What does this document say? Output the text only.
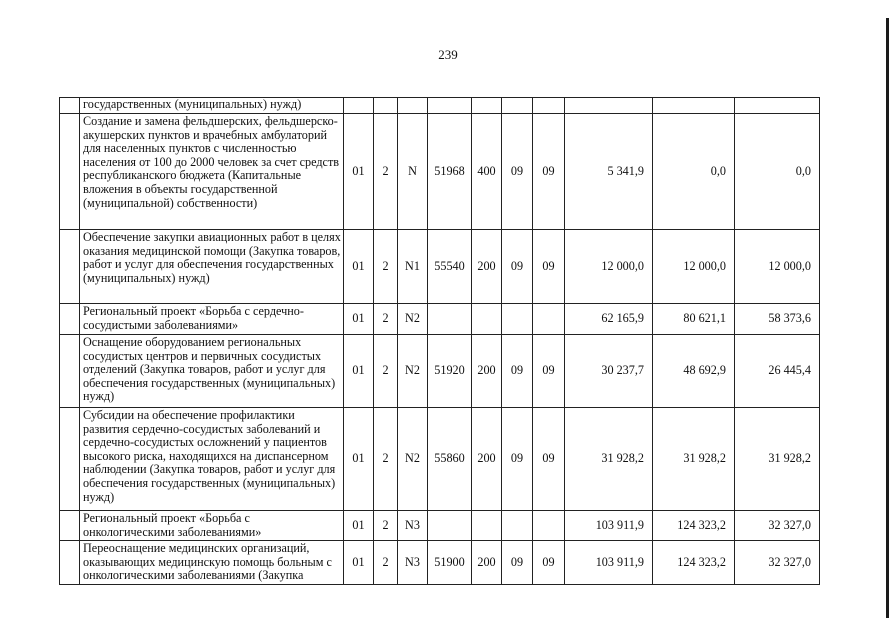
239
	государственных (муниципальных) нужд)										
	Создание и замена фельдшерских, фельдшерско-акушерских пунктов и врачебных амбулаторий для населенных пунктов с численностью населения от 100 до 2000 человек за счет средств республиканского бюджета (Капитальные вложения в объекты государственной (муниципальной) собственности)	01	2	N	51968	400	09	09	5 341,9	0,0	0,0
	Обеспечение закупки авиационных работ в целях оказания медицинской помощи (Закупка товаров, работ и услуг для обеспечения государственных (муниципальных) нужд)	01	2	N1	55540	200	09	09	12 000,0	12 000,0	12 000,0
	Региональный проект «Борьба с сердечно-сосудистыми заболеваниями»	01	2	N2					62 165,9	80 621,1	58 373,6
	Оснащение оборудованием региональных сосудистых центров и первичных сосудистых отделений (Закупка товаров, работ и услуг для обеспечения государственных (муниципальных) нужд)	01	2	N2	51920	200	09	09	30 237,7	48 692,9	26 445,4
	Субсидии на обеспечение профилактики развития сердечно-сосудистых заболеваний и сердечно-сосудистых осложнений у пациентов высокого риска, находящихся на диспансерном наблюдении (Закупка товаров, работ и услуг для обеспечения государственных (муниципальных) нужд)	01	2	N2	55860	200	09	09	31 928,2	31 928,2	31 928,2
	Региональный проект «Борьба с онкологическими заболеваниями»	01	2	N3					103 911,9	124 323,2	32 327,0
	Переоснащение медицинских организаций, оказывающих медицинскую помощь больным с онкологическими заболеваниями (Закупка	01	2	N3	51900	200	09	09	103 911,9	124 323,2	32 327,0
